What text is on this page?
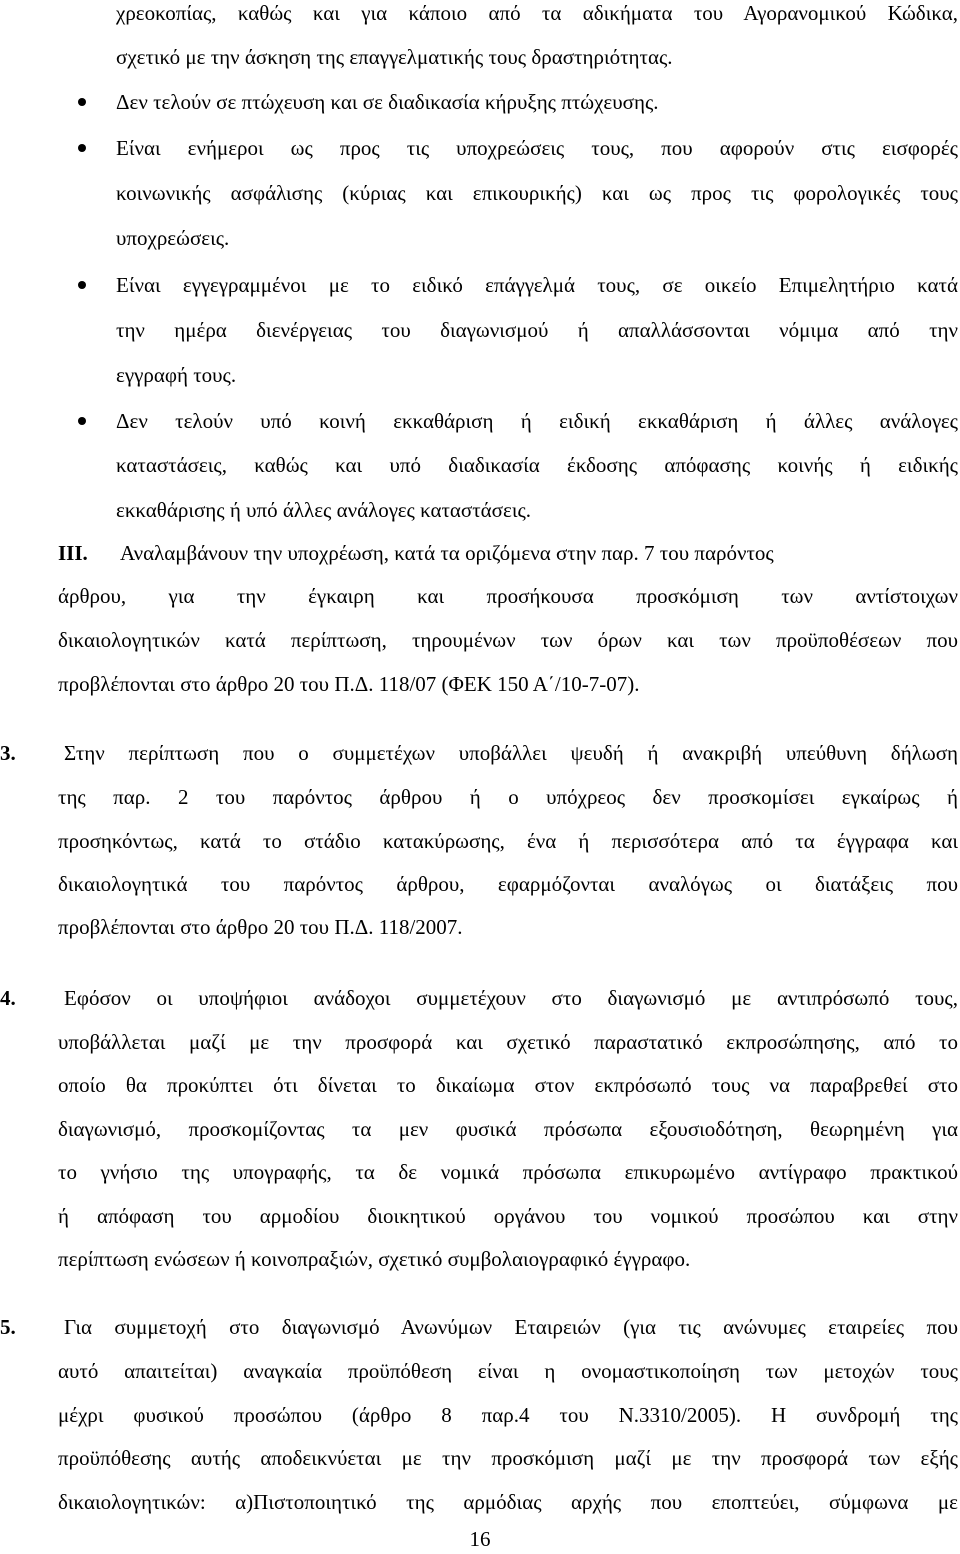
χρεοκοπίας, καθώς και για κάποιο από τα αδικήματα του Αγορανομικού Κώδικα,
σχετικό με την άσκηση της επαγγελματικής τους δραστηριότητας.
Δεν τελούν σε πτώχευση και σε διαδικασία κήρυξης πτώχευσης.
Είναι ενήμεροι ως προς τις υποχρεώσεις τους, που αφορούν στις εισφορές
κοινωνικής ασφάλισης (κύριας και επικουρικής) και ως προς τις φορολογικές τους
υποχρεώσεις.
Είναι εγγεγραμμένοι με το ειδικό επάγγελμά τους, σε οικείο Επιμελητήριο κατά
την ημέρα διενέργειας του διαγωνισμού ή απαλλάσσονται νόμιμα από την
εγγραφή τους.
Δεν τελούν υπό κοινή εκκαθάριση ή ειδική εκκαθάριση ή άλλες ανάλογες
καταστάσεις, καθώς και υπό διαδικασία έκδοσης απόφασης κοινής ή ειδικής
εκκαθάρισης ή υπό άλλες ανάλογες καταστάσεις.
ΙΙΙ. Αναλαμβάνουν την υποχρέωση, κατά τα οριζόμενα στην παρ. 7 του παρόντος
άρθρου, για την έγκαιρη και προσήκουσα προσκόμιση των αντίστοιχων
δικαιολογητικών κατά περίπτωση, τηρουμένων των όρων και των προϋποθέσεων που
προβλέπονται στο άρθρο 20 του Π.Δ. 118/07 (ΦΕΚ 150 Α΄/10-7-07).
3.	Στην περίπτωση που ο συμμετέχων υποβάλλει ψευδή ή ανακριβή υπεύθυνη δήλωση
της παρ. 2 του παρόντος άρθρου ή ο υπόχρεος δεν προσκομίσει εγκαίρως ή
προσηκόντως, κατά το στάδιο κατακύρωσης, ένα ή περισσότερα από τα έγγραφα και
δικαιολογητικά του παρόντος άρθρου, εφαρμόζονται αναλόγως οι διατάξεις που
προβλέπονται στο άρθρο 20 του Π.Δ. 118/2007.
4.	Εφόσον οι υποψήφιοι ανάδοχοι συμμετέχουν στο διαγωνισμό με αντιπρόσωπό τους,
υποβάλλεται μαζί με την προσφορά και σχετικό παραστατικό εκπροσώπησης, από το
οποίο θα προκύπτει ότι δίνεται το δικαίωμα στον εκπρόσωπό τους να παραβρεθεί στο
διαγωνισμό, προσκομίζοντας τα μεν φυσικά πρόσωπα εξουσιοδότηση, θεωρημένη για
το γνήσιο της υπογραφής, τα δε νομικά πρόσωπα επικυρωμένο αντίγραφο πρακτικού
ή απόφαση του αρμοδίου διοικητικού οργάνου του νομικού προσώπου και στην
περίπτωση ενώσεων ή κοινοπραξιών, σχετικό συμβολαιογραφικό έγγραφο.
5.	Για συμμετοχή στο διαγωνισμό Ανωνύμων Εταιρειών (για τις ανώνυμες εταιρείες που
αυτό απαιτείται) αναγκαία προϋπόθεση είναι η ονομαστικοποίηση των μετοχών τους
μέχρι φυσικού προσώπου (άρθρο 8 παρ.4 του Ν.3310/2005). Η συνδρομή της
προϋπόθεσης αυτής αποδεικνύεται με την προσκόμιση μαζί με την προσφορά των εξής
δικαιολογητικών: α)Πιστοποιητικό της αρμόδιας αρχής που εποπτεύει, σύμφωνα με
16
